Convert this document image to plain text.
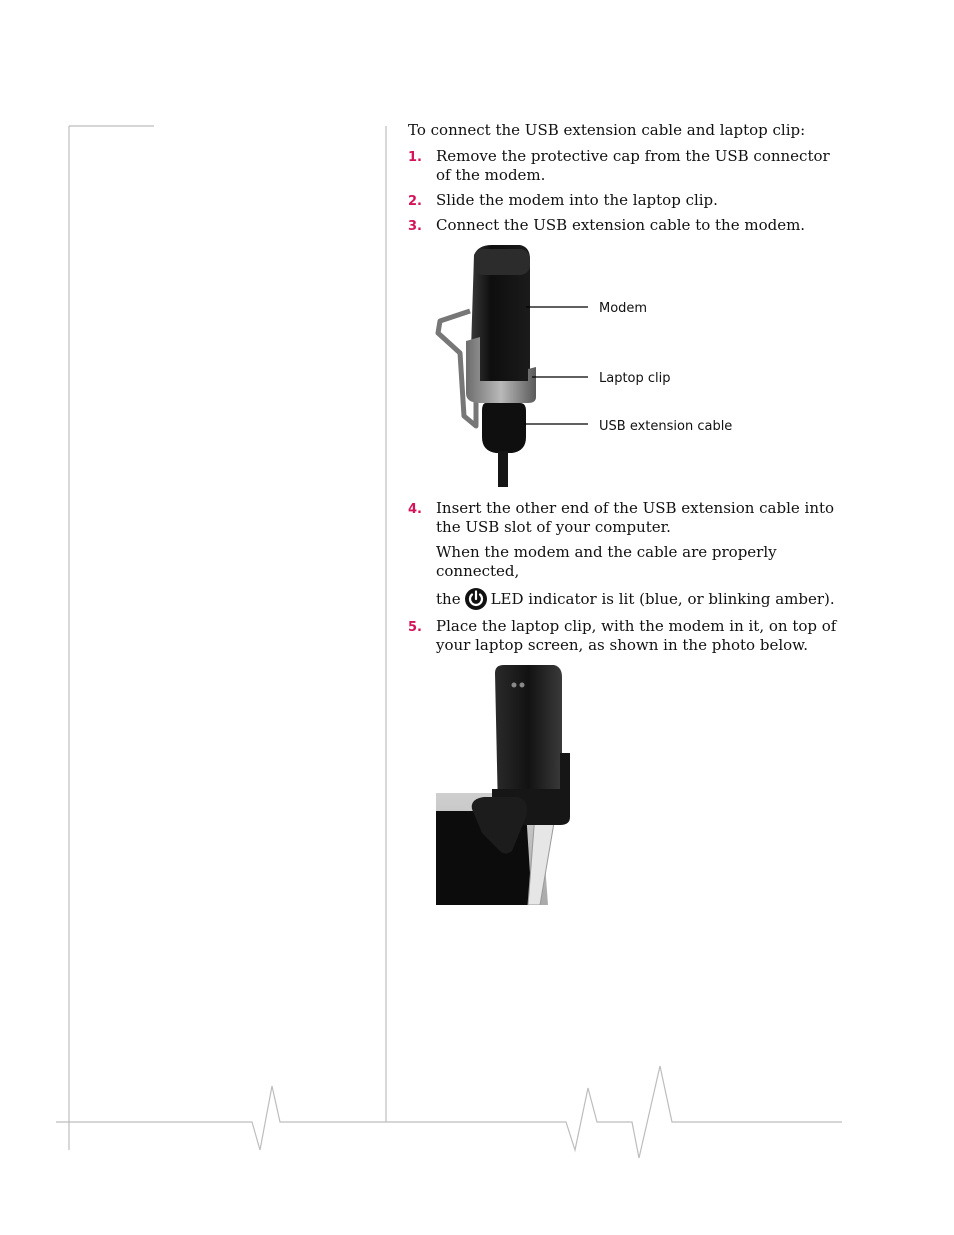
To connect the USB extension cable and laptop clip:

1. Remove the protective cap from the USB connector of the modem.
2. Slide the modem into the laptop clip.
3. Connect the USB extension cable to the modem.
Modem
Laptop clip
USB extension cable
4. Insert the other end of the USB extension cable into the USB slot of your computer.
When the modem and the cable are properly connected,
the LED indicator is lit (blue, or blinking amber).
5. Place the laptop clip, with the modem in it, on top of your laptop screen, as shown in the photo below.
